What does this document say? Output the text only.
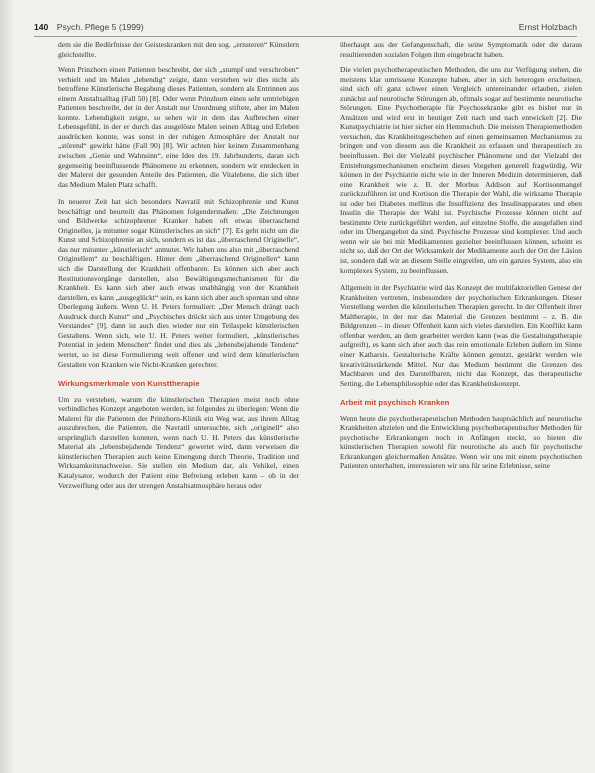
140 Psych. Pflege 5 (1999)	Ernst Holzbach

dem sie die Bedürfnisse der Geisteskranken mit den sog. „ernsteren“ Künstlern gleichstellte.

Wenn Prinzhorn einen Patienten beschreibt, der sich „stumpf und verschroben“ verhielt und im Malen „lebendig“ zeigte, dann verstehen wir dies nicht als betroffene Künstlerische Begabung dieses Patienten, sondern als Entrinnen aus einem Anstaltsalltag (Fall 50) [8]. Oder wenn Prinzhorn einen sehr umtriebigen Patienten beschreibt, der in der Anstalt nur Unordnung stiftete, aber im Malen konnte. Lebendigkeit zeigte, so sehen wir in dem das Aufbrechen einer Lebensgefühl, in der er durch das ausgelöste Malen seinen Alltag und Erleben ausdrücken konnte, was sonst in der ruhigen Atmosphäre der Anstalt nur „störend“ gewirkt hätte (Fall 90) [8]. Wir achten hier keinen Zusammenhang zwischen „Genie und Wahnsinn“, eine Idee des 19. Jahrhunderts, daran sich gegenseitig beeinflussende Phänomene zu erkennen, sondern wir entdecken in der Malerei der gesunden Anteile des Patienten, die Vitalebene, die sich über das Medium Malen Platz schafft.

In neuerer Zeit hat sich besonders Navratil mit Schizophrenie und Kunst beschäftigt und beurteilt das Phänomen folgendermaßen: „Die Zeichnungen und Bildwerke schizophrener Kranker haben oft etwas überraschend Originelles, ja mitunter sogar Künstlerisches an sich“ [7]. Es geht nicht um die Kunst und Schizophrenie an sich, sondern es ist das „überraschend Originelle“, das nur mitunter „künstlerisch“ anmutet. Wir haben uns also mit „überraschend Originellem“ zu beschäftigen. Hinter dem „überraschend Originellen“ kann sich die Darstellung der Krankheit offenbaren. Es können sich aber auch Restitutionsvorgänge darstellen, also Bewältigungsmechanismen für die Krankheit. Es kann sich aber auch etwas unabhängig von der Krankheit darstellen, es kann „ausgeglückt“ sein, es kann sich aber auch spontan und ohne Überlegung äußern. Wenn U. H. Peters formuliert: „Der Mensch drängt nach Ausdruck durch Kunst“ und „Psychisches drückt sich aus unter Umgebung des Verstandes“ [9], dann ist auch dies wieder nur ein Teilaspekt künstlerischen Gestaltens. Wenn sich, wie U. H. Peters weiter formuliert, „künstlerisches Potential in jedem Menschen“ findet und dies als „lebensbejahende Tendenz“ wertet, so ist diese Formulierung weit offener und wird dem künstlerischen Gestalten von Kranken wie Nicht-Kranken gerechter.

Wirkungsmerkmale von Kunsttherapie

Um zu verstehen, warum die künstlerischen Therapien meist noch ohne verbindliches Konzept angeboten werden, ist folgendes zu überlegen: Wenn die Malerei für die Patienten der Prinzhorn-Klinik ein Weg war, aus ihrem Alltag auszubrechen, die Patienten, die Navratil untersuchte, sich „originell“ also ursprünglich darstellen konnten, wenn nach U. H. Peters das künstlerische Material als „lebensbejahende Tendenz“ gewertet wird, dann verweisen die künstlerischen Therapien auch keine Einengung durch Theorie, Tradition und Wirksamkeitsnachweise. Sie stellen ein Medium dar, als Vehikel, einen Katalysator, wodurch der Patient eine Befreiung erleben kann – ob in der Verzweiflung oder aus der strengen Anstaltsatmosphäre heraus oder

überhaupt aus der Gefangenschaft, die seine Symptomatik oder die daraus resultierenden sozialen Folgen ihm eingebracht haben.

Die vielen psychotherapeutischen Methoden, die uns zur Verfügung stehen, die meistens klar umrissene Konzepte haben, aber in sich heterogen erscheinen, sind sich oft ganz schwer einen Vergleich untereinander erlauben, zielen zunächst auf neurotische Störungen ab, oftmals sogar auf bestimmte neurotische Störungen. Eine Psychotherapie für Psychosekranke gibt es bisher nur in Ansätzen und wird erst in heutiger Zeit nach und nach entwickelt [2]. Die Kunstpsychiatrie ist hier sicher ein Hemmschuh. Die meisten Therapiemethoden versuchen, das Krankheitsgeschehen auf einen gemeinsamen Mechanismus zu bringen und von diesem aus die Krankheit zu erfassen und therapeutisch zu beeinflussen. Bei der Vielzahl psychischer Phänomene und der Vielzahl der Entstehungsmechanismen erscheint dieses Vorgehen generell fragwürdig. Wir können in der Psychiatrie nicht wie in der Inneren Medizin determinieren, daß eine Krankheit wie z. B. der Morbus Addison auf Kortisonmangel zurückzuführen ist und Kortison die Therapie der Wahl, die wirksame Therapie ist oder bei Diabetes mellitus die Insuffizienz des Insulinapparates und eben Insulin die Therapie der Wahl ist. Psychische Prozesse können nicht auf bestimmte Orte zurückgeführt werden, auf einzelne Stoffe, die ausgefallen sind oder im Übergangebot da sind. Psychische Prozesse sind komplexer. Und auch wenn wir sie bei mit Medikamenten gezielter beeinflussen können, scheint es nicht so, daß der Ort der Wirksamkeit der Medikamente auch der Ort der Läsion ist, sondern daß wir an diesem Stelle eingreifen, um ein ganzes System, also ein komplexes System, zu beeinflussen.

Allgemein in der Psychiatrie wird das Konzept der multifaktoriellen Genese der Krankheiten vertreten, insbesondere der psychotischen Erkrankungen. Dieser Vorstellung werden die künstlerischen Therapien gerecht. In der Offenheit ihrer Maltherapie, in der nur das Material die Grenzen bestimmt – z. B. die Bildgrenzen – in dieser Offenheit kann sich vieles darstellen. Ein Konflikt kann offenbar werden, an dem gearbeitet werden kann (was die Gestaltungstherapie aufgreift), es kann sich aber auch das rein emotionale Erleben äußern im Sinne einer Katharsis. Gestalterische Kräfte können genutzt, gestärkt werden wie kreativitätsstärkende Mittel. Nur das Medium bestimmt die Grenzen des Machbaren und des Darstellbaren, nicht das Konzept, das therapeutische Setting, die Lebensphilosophie oder das Krankheitskonzept.

Arbeit mit psychisch Kranken

Wenn heute die psychotherapeutischen Methoden hauptsächlich auf neurotische Krankheiten abzielen und die Entwicklung psychotherapeutischer Methoden für psychotische Erkrankungen noch in Anfängen steckt, so bieten die künstlerischen Therapien sowohl für neurotische als auch für psychotische Erkrankungen gleichermaßen Ansätze. Wenn wir uns mit einem psychotischen Patienten unterhalten, interessieren wir uns für seine Erlebnisse, seine
